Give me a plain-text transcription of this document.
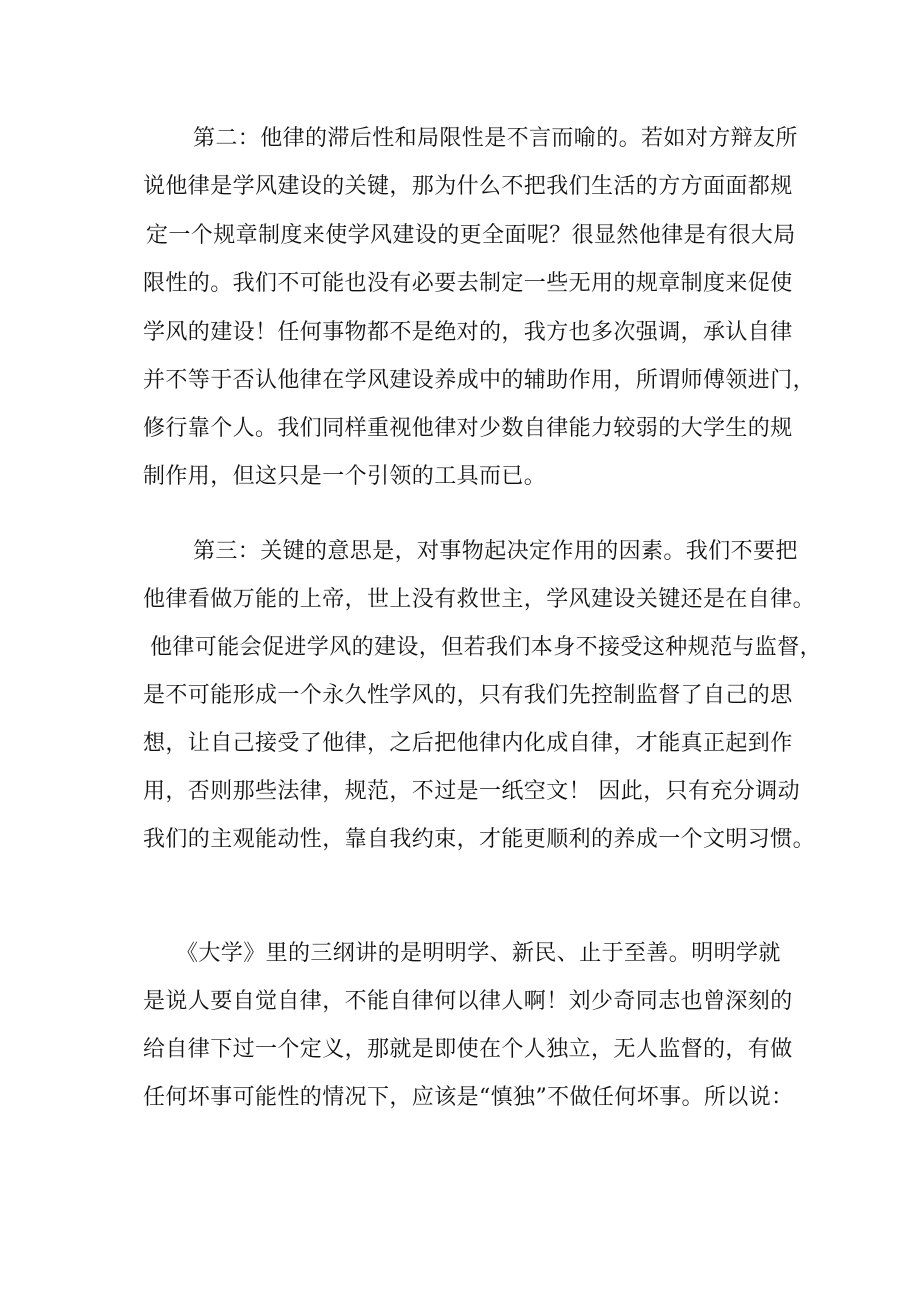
第二：他律的滞后性和局限性是不言而喻的。若如对方辩友所
说他律是学风建设的关键，那为什么不把我们生活的方方面面都规
定一个规章制度来使学风建设的更全面呢？很显然他律是有很大局
限性的。我们不可能也没有必要去制定一些无用的规章制度来促使
学风的建设！任何事物都不是绝对的，我方也多次强调，承认自律
并不等于否认他律在学风建设养成中的辅助作用，所谓师傅领进门，
修行靠个人。我们同样重视他律对少数自律能力较弱的大学生的规
制作用，但这只是一个引领的工具而已。
第三：关键的意思是，对事物起决定作用的因素。我们不要把
他律看做万能的上帝，世上没有救世主，学风建设关键还是在自律。
他律可能会促进学风的建设，但若我们本身不接受这种规范与监督，
是不可能形成一个永久性学风的，只有我们先控制监督了自己的思
想，让自己接受了他律，之后把他律内化成自律，才能真正起到作
用，否则那些法律，规范，不过是一纸空文！ 因此，只有充分调动
我们的主观能动性，靠自我约束，才能更顺利的养成一个文明习惯。
《大学》里的三纲讲的是明明学、新民、止于至善。明明学就
是说人要自觉自律，不能自律何以律人啊！刘少奇同志也曾深刻的
给自律下过一个定义，那就是即使在个人独立，无人监督的，有做
任何坏事可能性的情况下，应该是“慎独”不做任何坏事。所以说：
